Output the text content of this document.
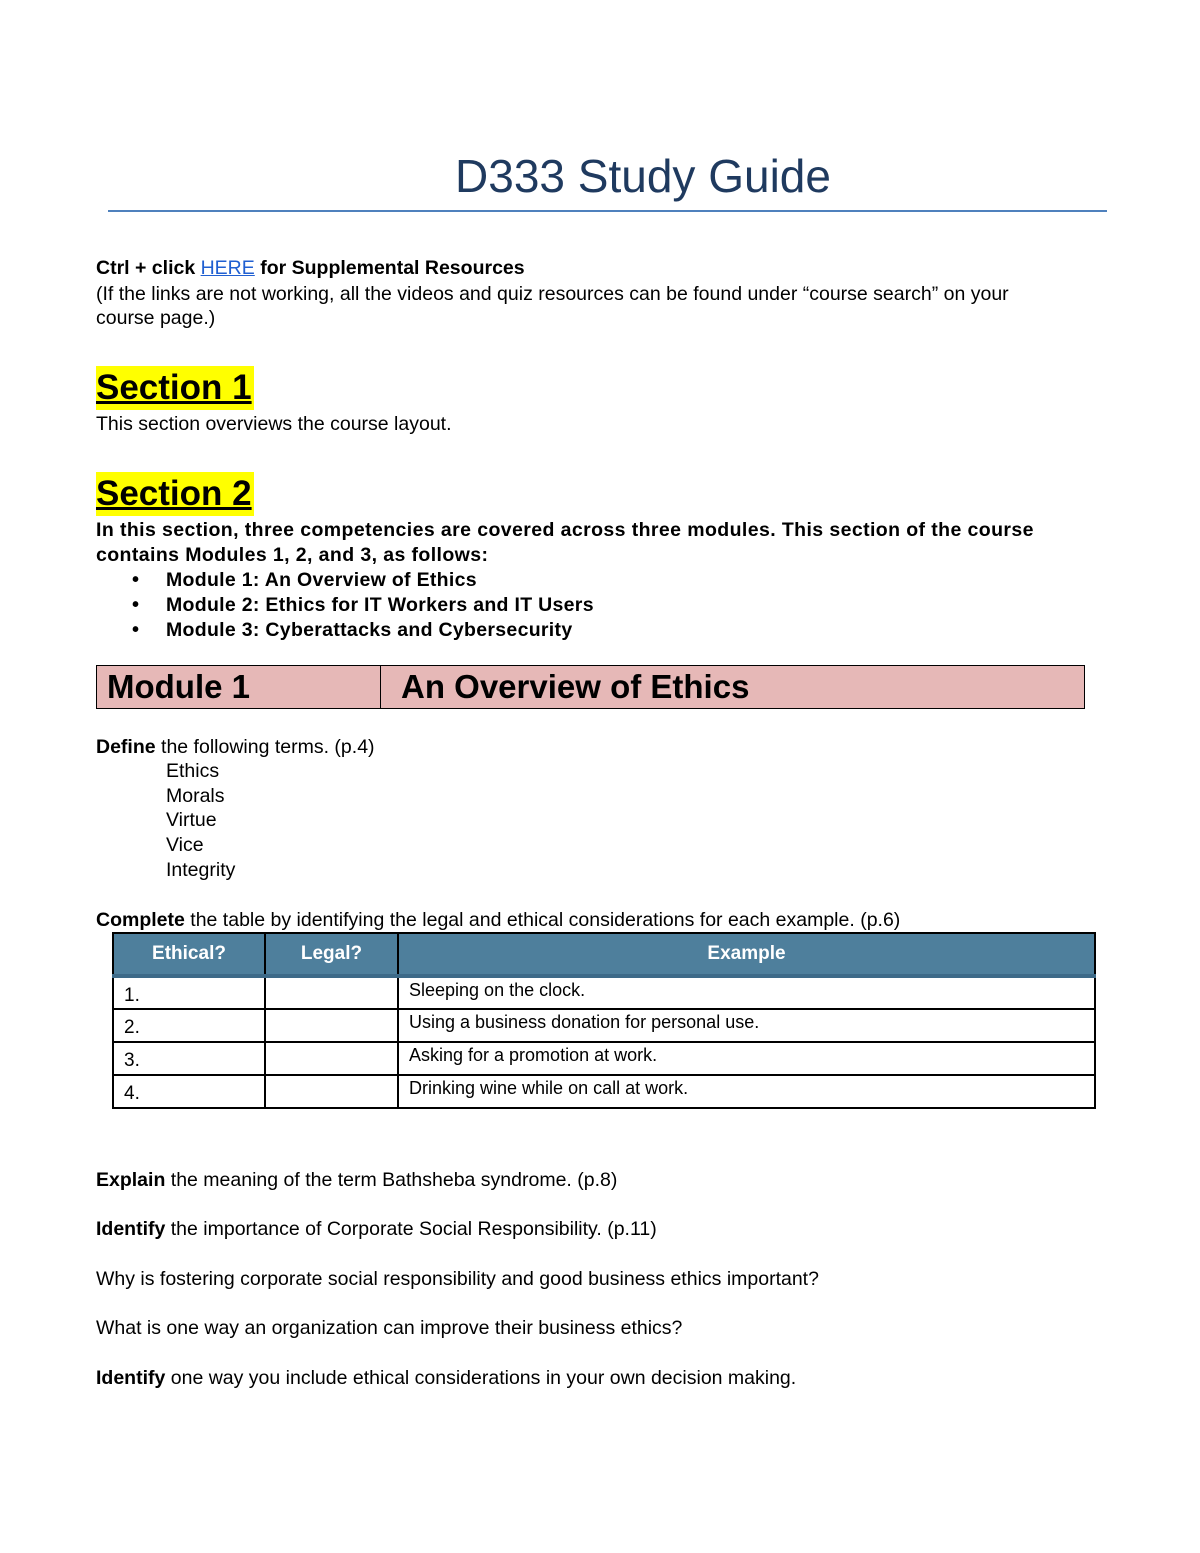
D333 Study Guide
Ctrl + click HERE for Supplemental Resources
(If the links are not working, all the videos and quiz resources can be found under “course search” on your
course page.)
Section 1
This section overviews the course layout.
Section 2
In this section, three competencies are covered across three modules. This section of the course
contains Modules 1, 2, and 3, as follows:
• Module 1: An Overview of Ethics
• Module 2: Ethics for IT Workers and IT Users
• Module 3: Cyberattacks and Cybersecurity
Module 1	An Overview of Ethics
Define the following terms. (p.4)
Ethics
Morals
Virtue
Vice
Integrity
Complete the table by identifying the legal and ethical considerations for each example. (p.6)
Ethical?	Legal?	Example
1.		Sleeping on the clock.
2.		Using a business donation for personal use.
3.		Asking for a promotion at work.
4.		Drinking wine while on call at work.
Explain the meaning of the term Bathsheba syndrome. (p.8)
Identify the importance of Corporate Social Responsibility. (p.11)
Why is fostering corporate social responsibility and good business ethics important?
What is one way an organization can improve their business ethics?
Identify one way you include ethical considerations in your own decision making.
